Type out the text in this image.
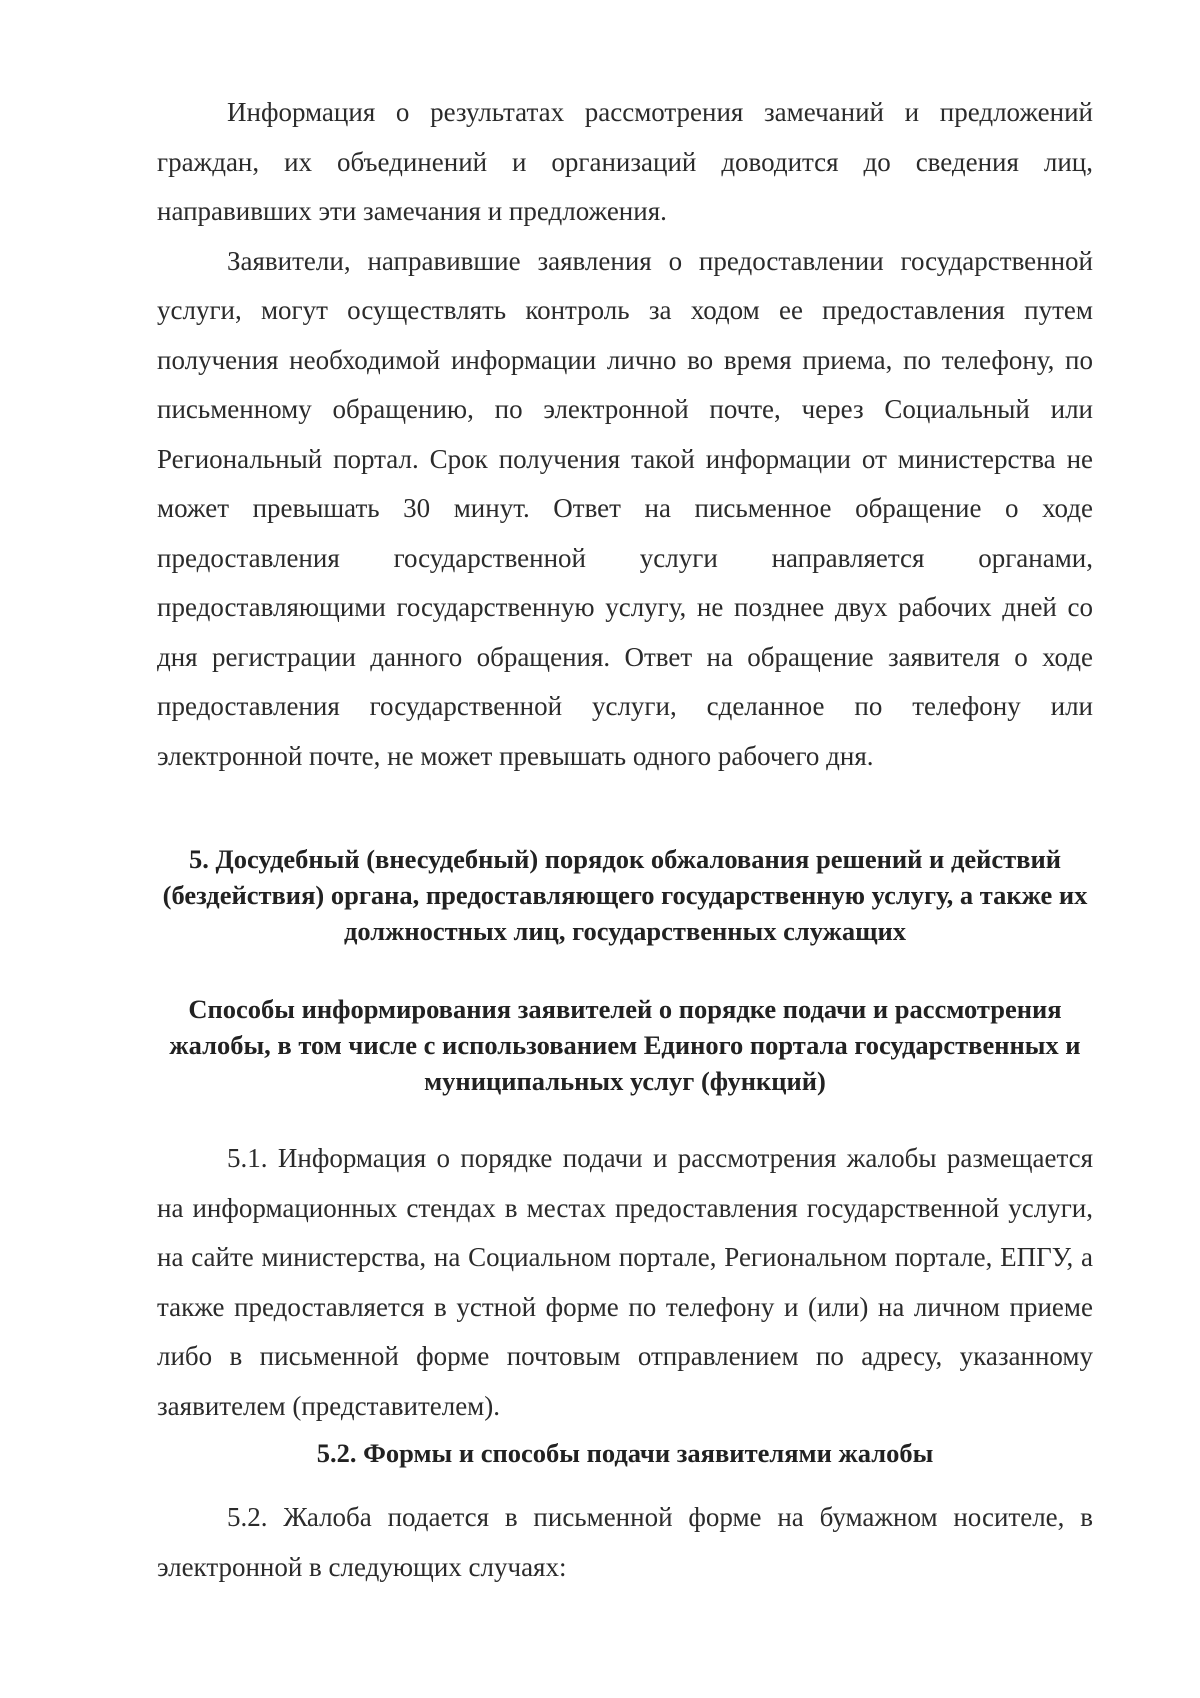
Информация о результатах рассмотрения замечаний и предложений граждан, их объединений и организаций доводится до сведения лиц, направивших эти замечания и предложения.

Заявители, направившие заявления о предоставлении государственной услуги, могут осуществлять контроль за ходом ее предоставления путем получения необходимой информации лично во время приема, по телефону, по письменному обращению, по электронной почте, через Социальный или Региональный портал. Срок получения такой информации от министерства не может превышать 30 минут. Ответ на письменное обращение о ходе предоставления государственной услуги направляется органами, предоставляющими государственную услугу, не позднее двух рабочих дней со дня регистрации данного обращения. Ответ на обращение заявителя о ходе предоставления государственной услуги, сделанное по телефону или электронной почте, не может превышать одного рабочего дня.

5. Досудебный (внесудебный) порядок обжалования решений и действий (бездействия) органа, предоставляющего государственную услугу, а также их должностных лиц, государственных служащих
Способы информирования заявителей о порядке подачи и рассмотрения жалобы, в том числе с использованием Единого портала государственных и муниципальных услуг (функций)

5.1. Информация о порядке подачи и рассмотрения жалобы размещается на информационных стендах в местах предоставления государственной услуги, на сайте министерства, на Социальном портале, Региональном портале, ЕПГУ, а также предоставляется в устной форме по телефону и (или) на личном приеме либо в письменной форме почтовым отправлением по адресу, указанному заявителем (представителем).

5.2. Формы и способы подачи заявителями жалобы

5.2. Жалоба подается в письменной форме на бумажном носителе, в электронной в следующих случаях:
